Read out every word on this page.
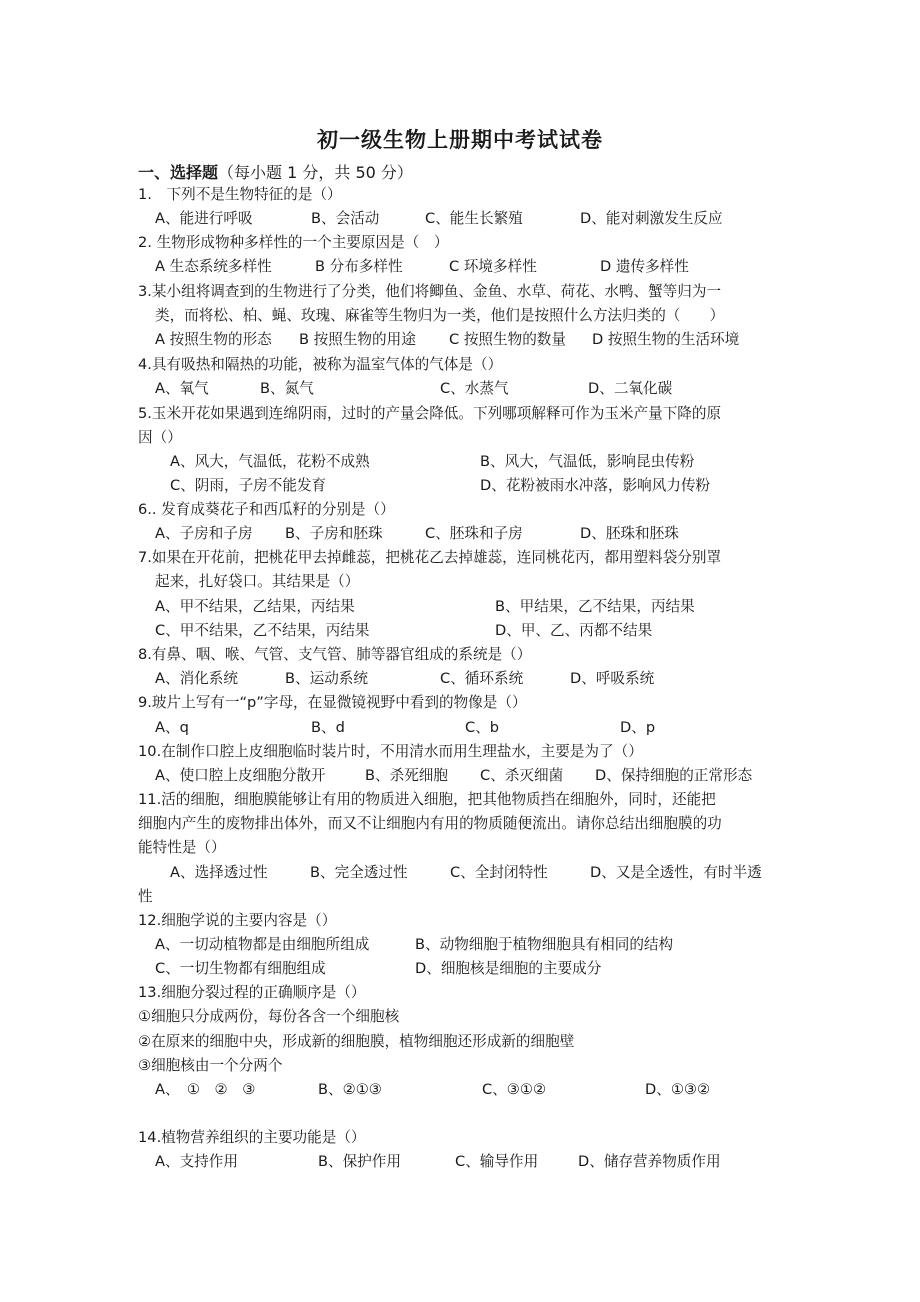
初一级生物上册期中考试试卷
一、选择题（每小题 1 分，共 50 分）
1.　下列不是生物特征的是（）
A、能进行呼吸	B、会活动	C、能生长繁殖	D、能对刺激发生反应
2. 生物形成物种多样性的一个主要原因是（　）
A 生态系统多样性	B 分布多样性	C 环境多样性	D 遗传多样性
3.某小组将调查到的生物进行了分类，他们将鲫鱼、金鱼、水草、荷花、水鸭、蟹等归为一
类，而将松、柏、蝇、玫瑰、麻雀等生物归为一类，他们是按照什么方法归类的（　　）
A 按照生物的形态 B 按照生物的用途 C 按照生物的数量 D 按照生物的生活环境
4.具有吸热和隔热的功能，被称为温室气体的气体是（）
A、氧气	B、氮气	C、水蒸气	D、二氧化碳
5.玉米开花如果遇到连绵阴雨，过时的产量会降低。下列哪项解释可作为玉米产量下降的原
因（）
A、风大，气温低，花粉不成熟	B、风大，气温低，影响昆虫传粉
C、阴雨，子房不能发育	D、花粉被雨水冲落，影响风力传粉
6.. 发育成葵花子和西瓜籽的分别是（）
A、子房和子房 B、子房和胚珠	C、胚珠和子房	D、胚珠和胚珠
7.如果在开花前，把桃花甲去掉雌蕊，把桃花乙去掉雄蕊，连同桃花丙，都用塑料袋分别罩
起来，扎好袋口。其结果是（）
A、甲不结果，乙结果，丙结果	B、甲结果，乙不结果，丙结果
C、甲不结果，乙不结果，丙结果	D、甲、乙、丙都不结果
8.有鼻、咽、喉、气管、支气管、肺等器官组成的系统是（）
A、消化系统	B、运动系统	C、循环系统	D、呼吸系统
9.玻片上写有一“p”字母，在显微镜视野中看到的物像是（）
A、q	B、d	C、b	D、p
10.在制作口腔上皮细胞临时装片时，不用清水而用生理盐水，主要是为了（）
A、使口腔上皮细胞分散开	B、杀死细胞 C、杀灭细菌 D、保持细胞的正常形态
11.活的细胞，细胞膜能够让有用的物质进入细胞，把其他物质挡在细胞外，同时，还能把
细胞内产生的废物排出体外，而又不让细胞内有用的物质随便流出。请你总结出细胞膜的功
能特性是（）
A、选择透过性	B、完全透过性	C、全封闭特性	D、又是全透性，有时半透
性
12.细胞学说的主要内容是（）
A、一切动植物都是由细胞所组成	B、动物细胞于植物细胞具有相同的结构
C、一切生物都有细胞组成	D、细胞核是细胞的主要成分
13.细胞分裂过程的正确顺序是（）
①细胞只分成两份，每份各含一个细胞核
②在原来的细胞中央，形成新的细胞膜，植物细胞还形成新的细胞壁
③细胞核由一个分两个
A、　①　②　③	B、②①③	C、③①②	D、①③②
14.植物营养组织的主要功能是（）
A、支持作用	B、保护作用	C、输导作用	D、储存营养物质作用
